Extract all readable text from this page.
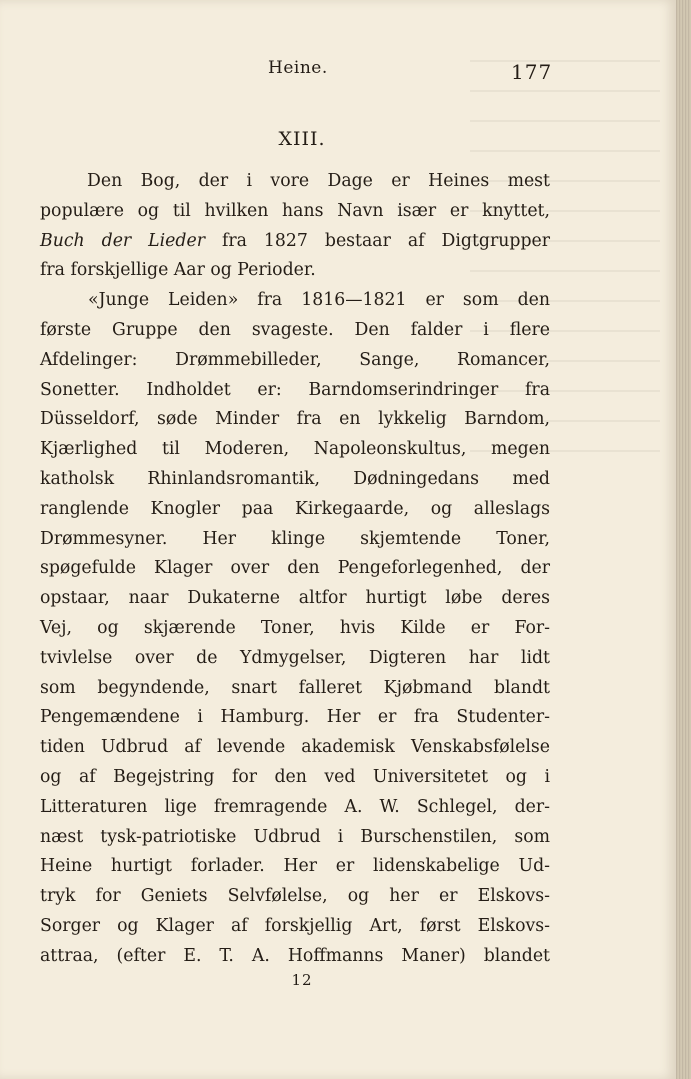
Heine.	177
XIII.
Den Bog, der i vore Dage er Heines mest
populære og til hvilken hans Navn især er knyttet,
Buch der Lieder fra 1827 bestaar af Digtgrupper
fra forskjellige Aar og Perioder.
«Junge Leiden» fra 1816—1821 er som den
første Gruppe den svageste. Den falder i flere
Afdelinger: Drømmebilleder, Sange, Romancer,
Sonetter. Indholdet er: Barndomserindringer fra
Düsseldorf, søde Minder fra en lykkelig Barndom,
Kjærlighed til Moderen, Napoleonskultus, megen
katholsk Rhinlandsromantik, Dødningedans med
ranglende Knogler paa Kirkegaarde, og alleslags
Drømmesyner. Her klinge skjemtende Toner,
spøgefulde Klager over den Pengeforlegenhed, der
opstaar, naar Dukaterne altfor hurtigt løbe deres
Vej, og skjærende Toner, hvis Kilde er For-
tvivlelse over de Ydmygelser, Digteren har lidt
som begyndende, snart falleret Kjøbmand blandt
Pengemændene i Hamburg. Her er fra Studenter-
tiden Udbrud af levende akademisk Venskabsfølelse
og af Begejstring for den ved Universitetet og i
Litteraturen lige fremragende A. W. Schlegel, der-
næst tysk-patriotiske Udbrud i Burschenstilen, som
Heine hurtigt forlader. Her er lidenskabelige Ud-
tryk for Geniets Selvfølelse, og her er Elskovs-
Sorger og Klager af forskjellig Art, først Elskovs-
attraa, (efter E. T. A. Hoffmanns Maner) blandet
12
